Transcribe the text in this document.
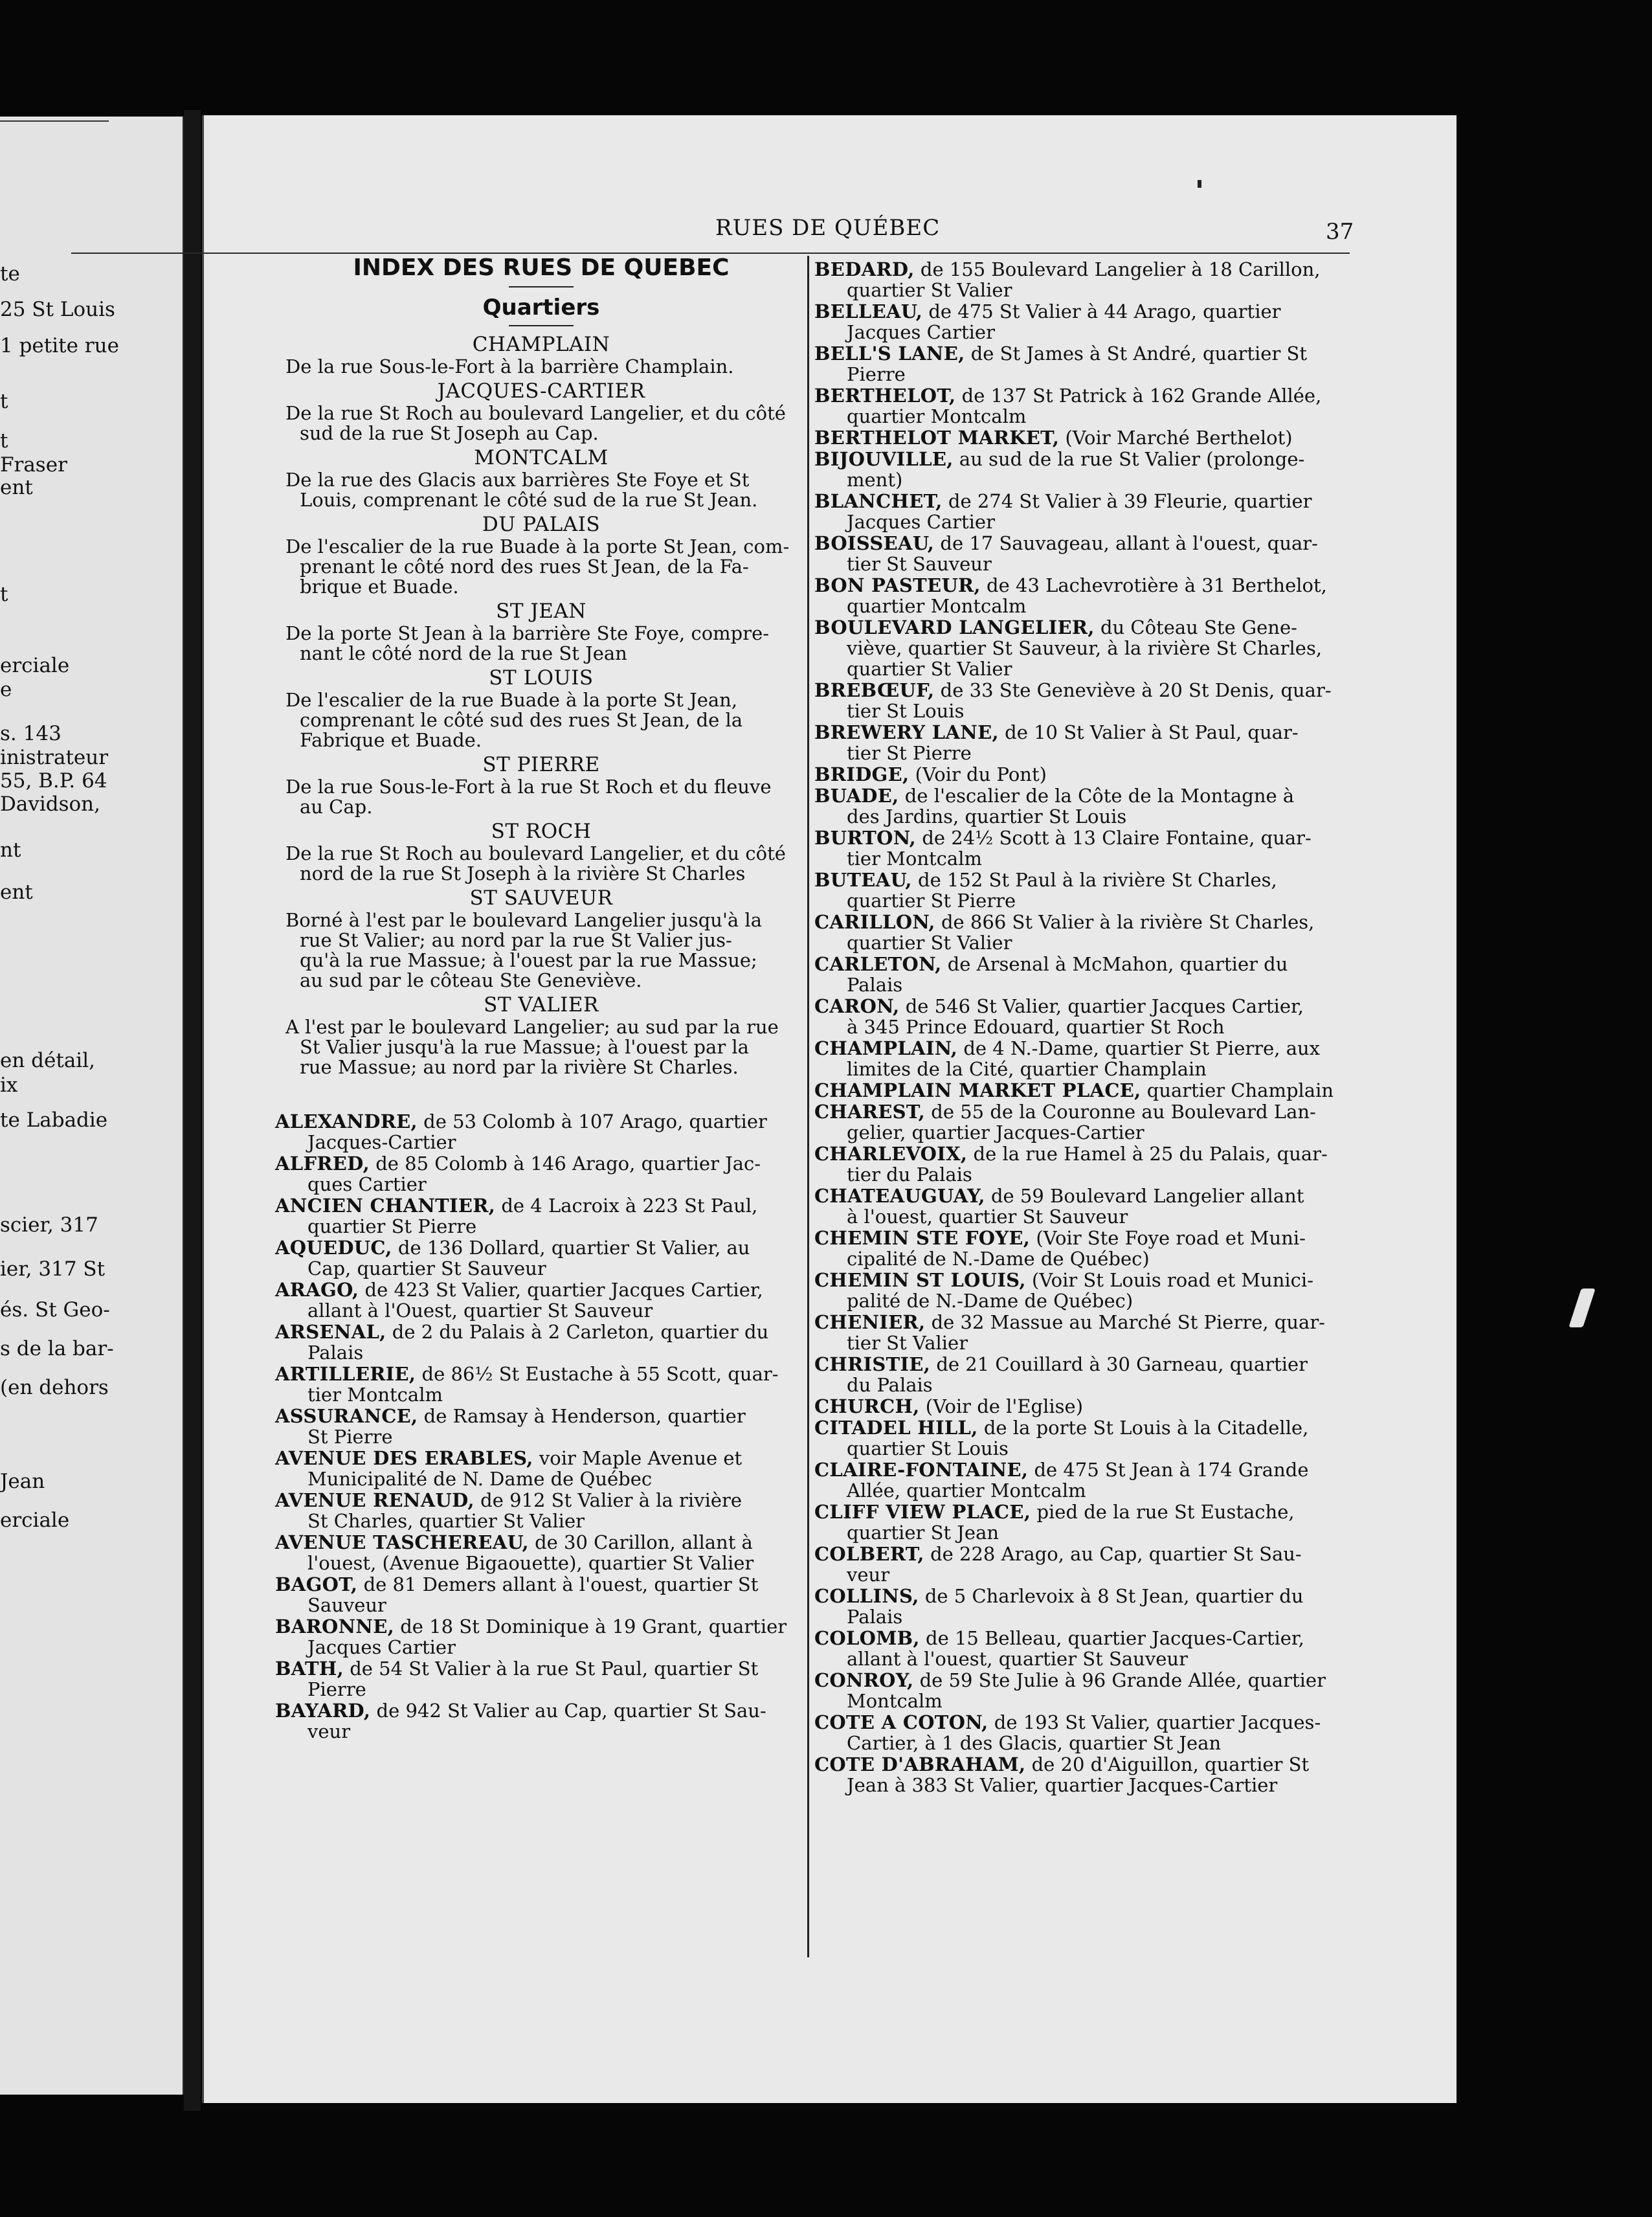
te
25 St Louis
1 petite rue
t
t
Fraser
ent
t
erciale
e
s. 143
inistrateur
55, B.P. 64
Davidson,
nt
ent
en détail,
ix
te Labadie
scier, 317
ier, 317 St
és. St Geo-
s de la bar-
(en dehors
Jean
erciale
RUES DE QUÉBEC	37
INDEX DES RUES DE QUEBEC
Quartiers
CHAMPLAIN
De la rue Sous-le-Fort à la barrière Champlain.
JACQUES-CARTIER
De la rue St Roch au boulevard Langelier, et du côté
sud de la rue St Joseph au Cap.
MONTCALM
De la rue des Glacis aux barrières Ste Foye et St
Louis, comprenant le côté sud de la rue St Jean.
DU PALAIS
De l'escalier de la rue Buade à la porte St Jean, com-
prenant le côté nord des rues St Jean, de la Fa-
brique et Buade.
ST JEAN
De la porte St Jean à la barrière Ste Foye, compre-
nant le côté nord de la rue St Jean
ST LOUIS
De l'escalier de la rue Buade à la porte St Jean,
comprenant le côté sud des rues St Jean, de la
Fabrique et Buade.
ST PIERRE
De la rue Sous-le-Fort à la rue St Roch et du fleuve
au Cap.
ST ROCH
De la rue St Roch au boulevard Langelier, et du côté
nord de la rue St Joseph à la rivière St Charles
ST SAUVEUR
Borné à l'est par le boulevard Langelier jusqu'à la
rue St Valier; au nord par la rue St Valier jus-
qu'à la rue Massue; à l'ouest par la rue Massue;
au sud par le côteau Ste Geneviève.
ST VALIER
A l'est par le boulevard Langelier; au sud par la rue
St Valier jusqu'à la rue Massue; à l'ouest par la
rue Massue; au nord par la rivière St Charles.
ALEXANDRE, de 53 Colomb à 107 Arago, quartier
Jacques-Cartier
ALFRED, de 85 Colomb à 146 Arago, quartier Jac-
ques Cartier
ANCIEN CHANTIER, de 4 Lacroix à 223 St Paul,
quartier St Pierre
AQUEDUC, de 136 Dollard, quartier St Valier, au
Cap, quartier St Sauveur
ARAGO, de 423 St Valier, quartier Jacques Cartier,
allant à l'Ouest, quartier St Sauveur
ARSENAL, de 2 du Palais à 2 Carleton, quartier du
Palais
ARTILLERIE, de 86½ St Eustache à 55 Scott, quar-
tier Montcalm
ASSURANCE, de Ramsay à Henderson, quartier
St Pierre
AVENUE DES ERABLES, voir Maple Avenue et
Municipalité de N. Dame de Québec
AVENUE RENAUD, de 912 St Valier à la rivière
St Charles, quartier St Valier
AVENUE TASCHEREAU, de 30 Carillon, allant à
l'ouest, (Avenue Bigaouette), quartier St Valier
BAGOT, de 81 Demers allant à l'ouest, quartier St
Sauveur
BARONNE, de 18 St Dominique à 19 Grant, quartier
Jacques Cartier
BATH, de 54 St Valier à la rue St Paul, quartier St
Pierre
BAYARD, de 942 St Valier au Cap, quartier St Sau-
veur
BEDARD, de 155 Boulevard Langelier à 18 Carillon,
quartier St Valier
BELLEAU, de 475 St Valier à 44 Arago, quartier
Jacques Cartier
BELL'S LANE, de St James à St André, quartier St
Pierre
BERTHELOT, de 137 St Patrick à 162 Grande Allée,
quartier Montcalm
BERTHELOT MARKET, (Voir Marché Berthelot)
BIJOUVILLE, au sud de la rue St Valier (prolonge-
ment)
BLANCHET, de 274 St Valier à 39 Fleurie, quartier
Jacques Cartier
BOISSEAU, de 17 Sauvageau, allant à l'ouest, quar-
tier St Sauveur
BON PASTEUR, de 43 Lachevrotière à 31 Berthelot,
quartier Montcalm
BOULEVARD LANGELIER, du Côteau Ste Gene-
viève, quartier St Sauveur, à la rivière St Charles,
quartier St Valier
BREBŒUF, de 33 Ste Geneviève à 20 St Denis, quar-
tier St Louis
BREWERY LANE, de 10 St Valier à St Paul, quar-
tier St Pierre
BRIDGE, (Voir du Pont)
BUADE, de l'escalier de la Côte de la Montagne à
des Jardins, quartier St Louis
BURTON, de 24½ Scott à 13 Claire Fontaine, quar-
tier Montcalm
BUTEAU, de 152 St Paul à la rivière St Charles,
quartier St Pierre
CARILLON, de 866 St Valier à la rivière St Charles,
quartier St Valier
CARLETON, de Arsenal à McMahon, quartier du
Palais
CARON, de 546 St Valier, quartier Jacques Cartier,
à 345 Prince Edouard, quartier St Roch
CHAMPLAIN, de 4 N.-Dame, quartier St Pierre, aux
limites de la Cité, quartier Champlain
CHAMPLAIN MARKET PLACE, quartier Champlain
CHAREST, de 55 de la Couronne au Boulevard Lan-
gelier, quartier Jacques-Cartier
CHARLEVOIX, de la rue Hamel à 25 du Palais, quar-
tier du Palais
CHATEAUGUAY, de 59 Boulevard Langelier allant
à l'ouest, quartier St Sauveur
CHEMIN STE FOYE, (Voir Ste Foye road et Muni-
cipalité de N.-Dame de Québec)
CHEMIN ST LOUIS, (Voir St Louis road et Munici-
palité de N.-Dame de Québec)
CHENIER, de 32 Massue au Marché St Pierre, quar-
tier St Valier
CHRISTIE, de 21 Couillard à 30 Garneau, quartier
du Palais
CHURCH, (Voir de l'Eglise)
CITADEL HILL, de la porte St Louis à la Citadelle,
quartier St Louis
CLAIRE-FONTAINE, de 475 St Jean à 174 Grande
Allée, quartier Montcalm
CLIFF VIEW PLACE, pied de la rue St Eustache,
quartier St Jean
COLBERT, de 228 Arago, au Cap, quartier St Sau-
veur
COLLINS, de 5 Charlevoix à 8 St Jean, quartier du
Palais
COLOMB, de 15 Belleau, quartier Jacques-Cartier,
allant à l'ouest, quartier St Sauveur
CONROY, de 59 Ste Julie à 96 Grande Allée, quartier
Montcalm
COTE A COTON, de 193 St Valier, quartier Jacques-
Cartier, à 1 des Glacis, quartier St Jean
COTE D'ABRAHAM, de 20 d'Aiguillon, quartier St
Jean à 383 St Valier, quartier Jacques-Cartier
